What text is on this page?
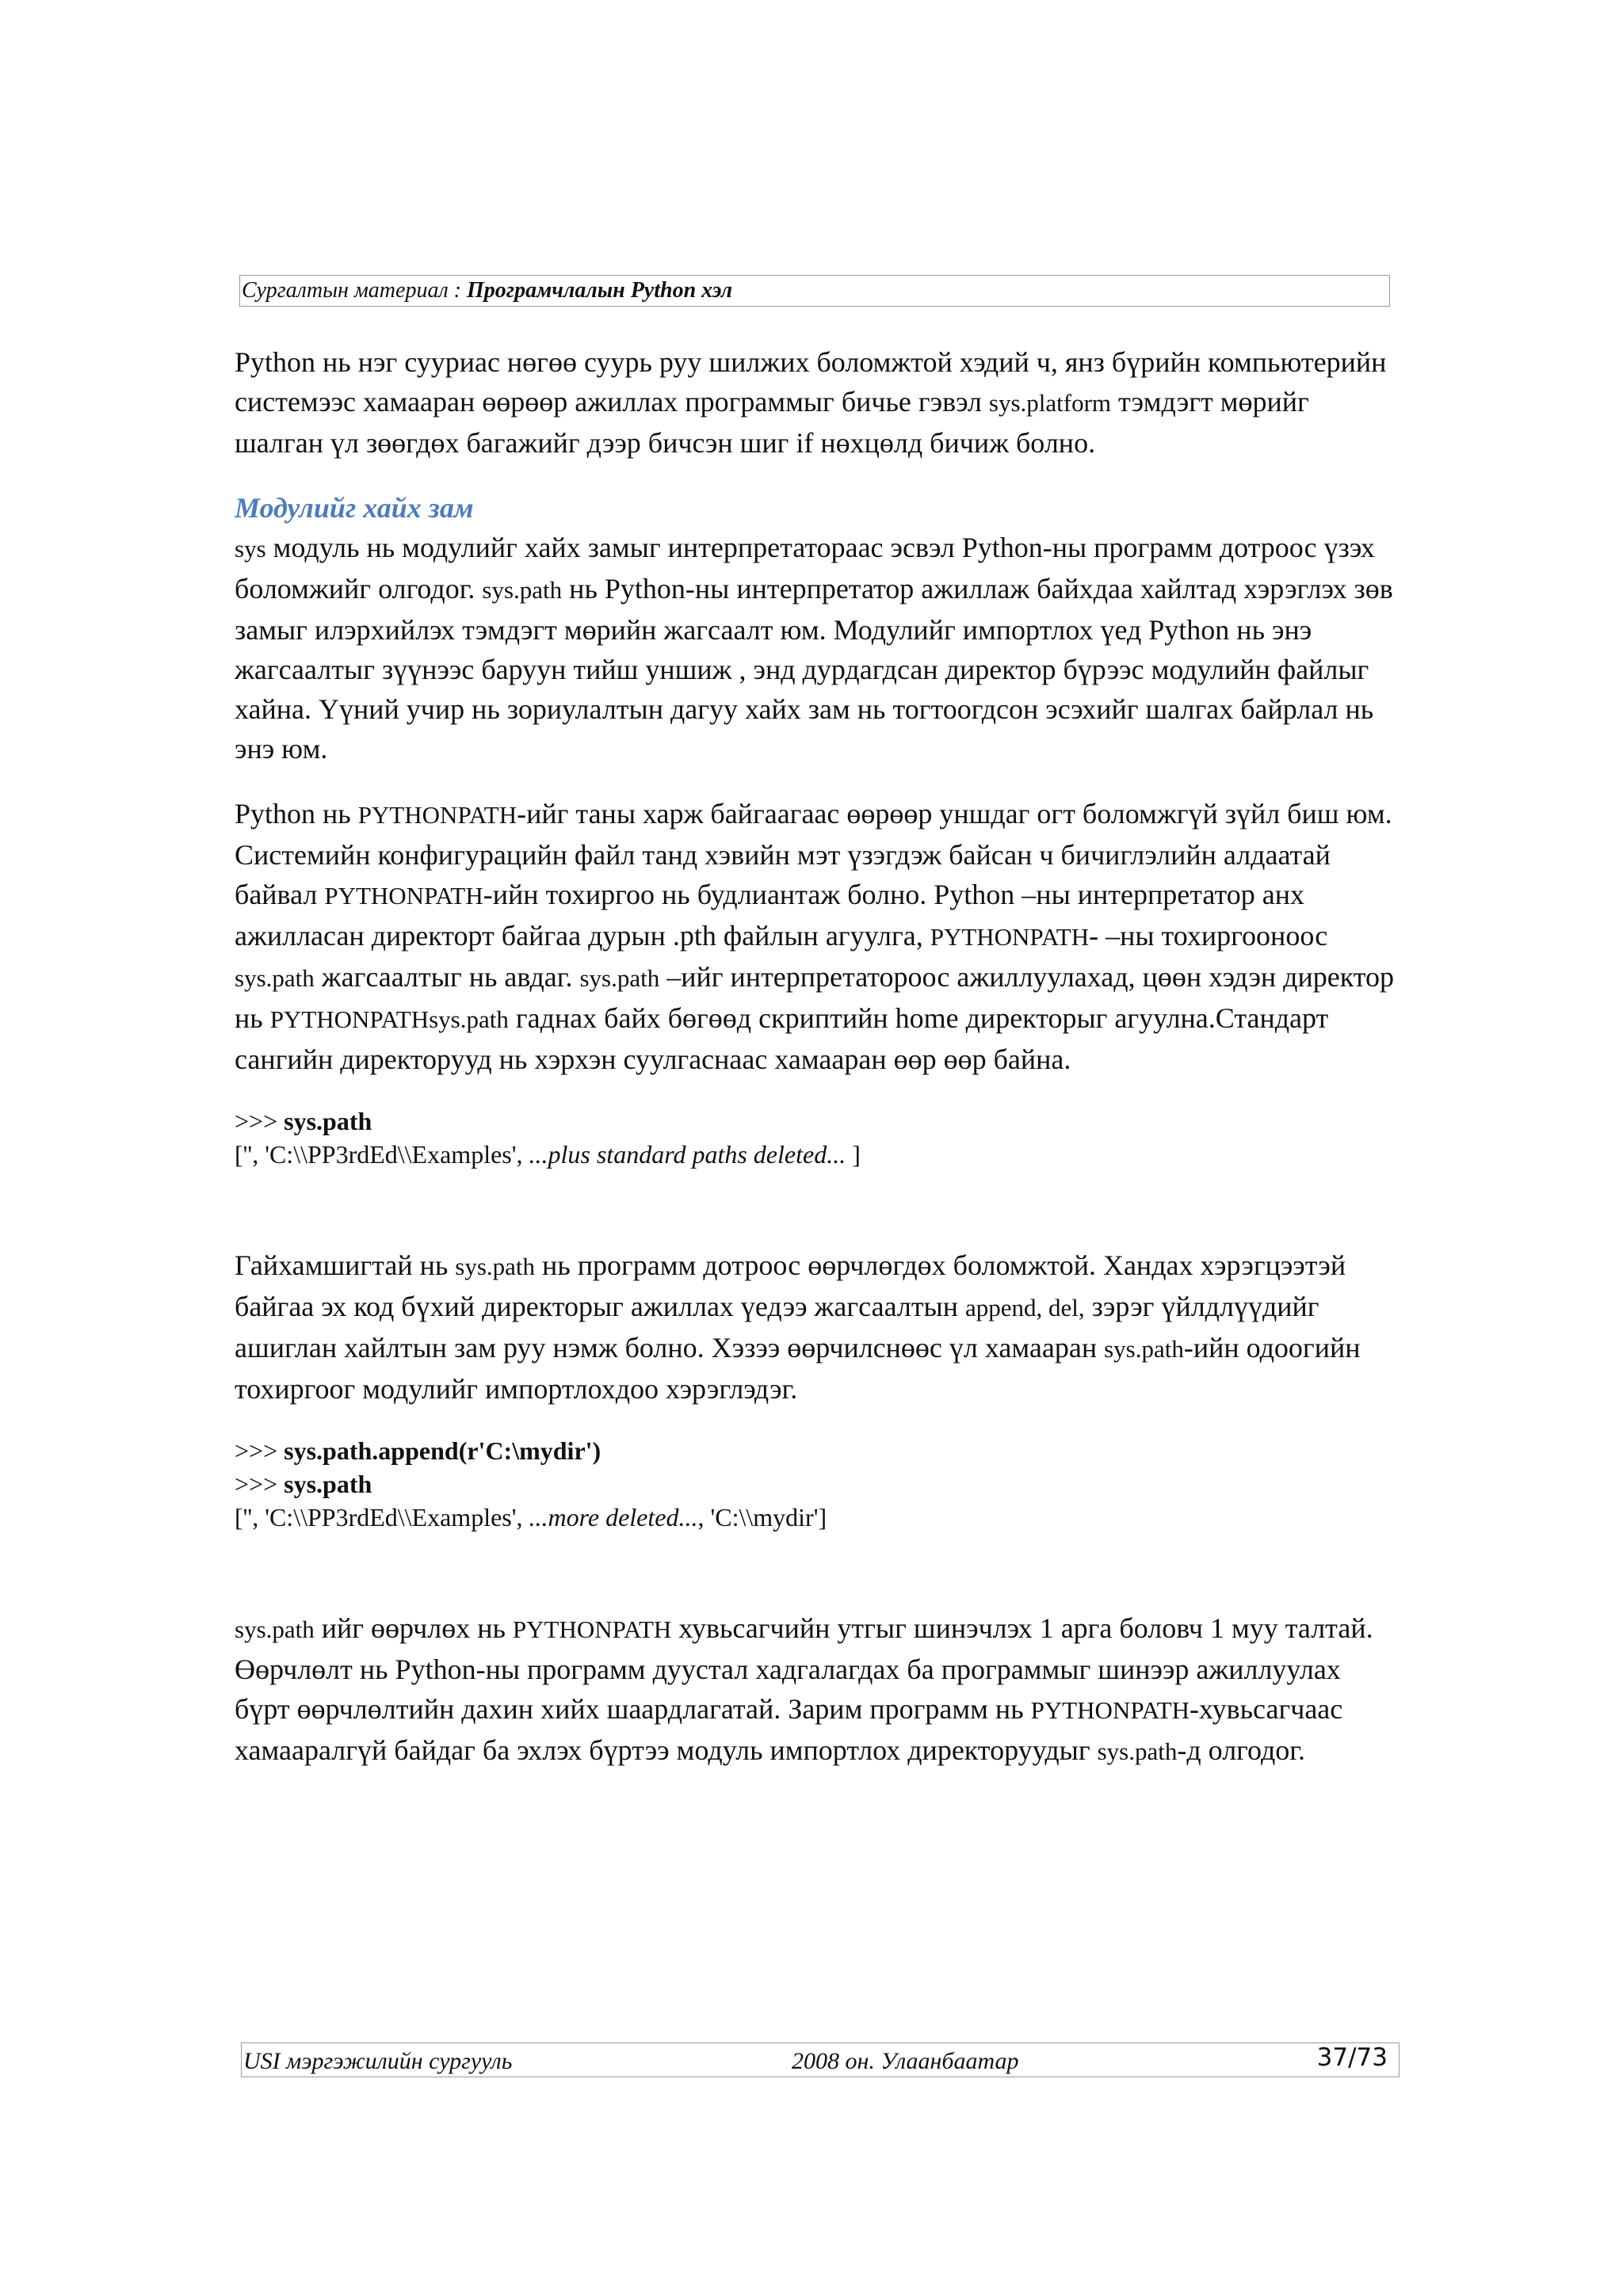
Сургалтын материал : Програмчлалын Python хэл

Python нь нэг сууриас нөгөө суурь руу шилжих боломжтой хэдий ч, янз бүрийн компьютерийн системээс хамааран өөрөөр ажиллах программыг бичье гэвэл sys.platform тэмдэгт мөрийг шалган үл зөөгдөх багажийг дээр бичсэн шиг if нөхцөлд бичиж болно.

Модулийг хайх зам

sys модуль нь модулийг хайх замыг интерпретатораас эсвэл Python-ны программ дотроос үзэх боломжийг олгодог. sys.path нь Python-ны интерпретатор ажиллаж байхдаа хайлтад хэрэглэх зөв замыг илэрхийлэх тэмдэгт мөрийн жагсаалт юм. Модулийг импортлох үед Python нь энэ жагсаалтыг зүүнээс баруун тийш уншиж , энд дурдагдсан директор бүрээс модулийн файлыг хайна. Үүний учир нь зориулалтын дагуу хайх зам нь тогтоогдсон эсэхийг шалгах байрлал нь энэ юм.

Python нь PYTHONPATH-ийг таны харж байгаагаас өөрөөр уншдаг огт боломжгүй зүйл биш юм. Системийн конфигурацийн файл танд хэвийн мэт үзэгдэж байсан ч бичиглэлийн алдаатай байвал PYTHONPATH-ийн тохиргоо нь будлиантаж болно. Python –ны интерпретатор анх ажилласан директорт байгаа дурын .pth файлын агуулга, PYTHONPATH- –ны тохиргооноос sys.path жагсаалтыг нь авдаг. sys.path –ийг интерпретатороос ажиллуулахад, цөөн хэдэн директор нь PYTHONPATHsys.path гаднах байх бөгөөд скриптийн home директорыг агуулна.Стандарт сангийн директорууд нь хэрхэн суулгаснаас хамааран өөр өөр байна.

>>> sys.path
['', 'C:\\PP3rdEd\\Examples', ...plus standard paths deleted... ]

Гайхамшигтай нь sys.path нь программ дотроос өөрчлөгдөх боломжтой. Хандах хэрэгцээтэй байгаа эх код бүхий директорыг ажиллах үедээ жагсаалтын append, del, зэрэг үйлдлүүдийг ашиглан хайлтын зам руу нэмж болно. Хэзээ өөрчилснөөс үл хамааран sys.path-ийн одоогийн тохиргоог модулийг импортлохдоо хэрэглэдэг.

>>> sys.path.append(r'C:\mydir')
>>> sys.path
['', 'C:\\PP3rdEd\\Examples', ...more deleted..., 'C:\\mydir']

sys.path ийг өөрчлөх нь PYTHONPATH хувьсагчийн утгыг шинэчлэх 1 арга боловч 1 муу талтай. Өөрчлөлт нь Python-ны программ дуустал хадгалагдах ба программыг шинээр ажиллуулах бүрт өөрчлөлтийн дахин хийх шаардлагатай. Зарим программ нь PYTHONPATH-хувьсагчаас хамааралгүй байдаг ба эхлэх бүртээ модуль импортлох директоруудыг sys.path-д олгодог.

USI мэргэжилийн сургууль	2008 он. Улаанбаатар	37/73
